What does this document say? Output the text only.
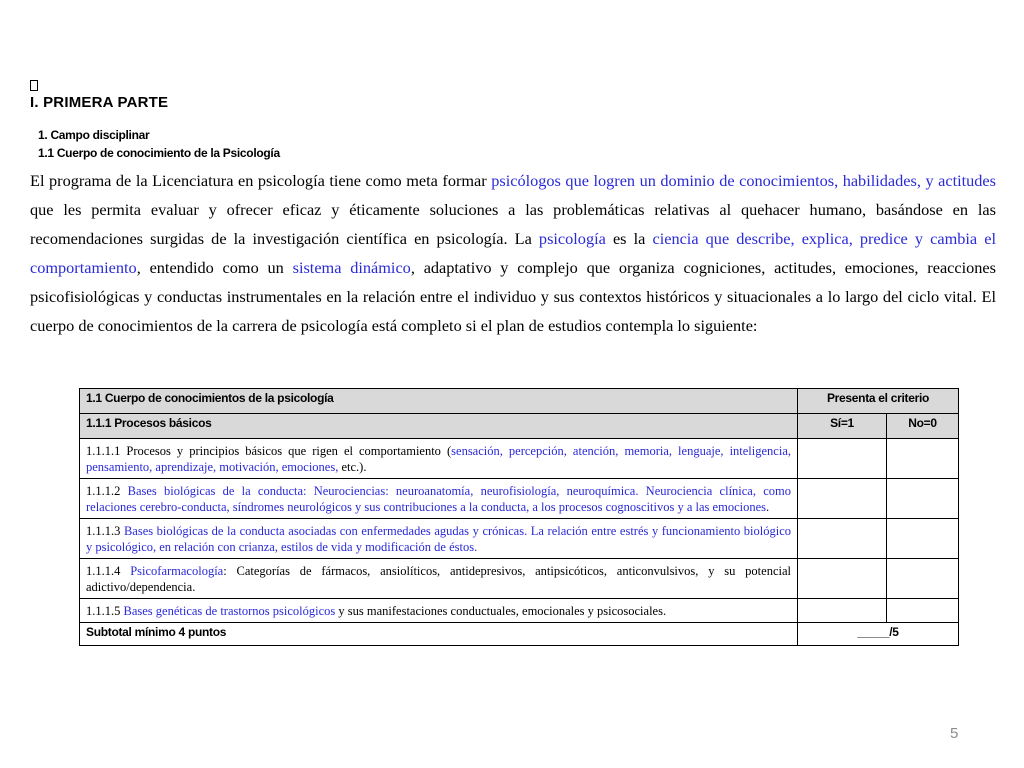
I. PRIMERA PARTE
1. Campo disciplinar
1.1 Cuerpo de conocimiento de la Psicología

El programa de la Licenciatura en psicología tiene como meta formar psicólogos que logren un dominio de conocimientos, habilidades, y actitudes que les permita evaluar y ofrecer eficaz y éticamente soluciones a las problemáticas relativas al quehacer humano, basándose en las recomendaciones surgidas de la investigación científica en psicología. La psicología es la ciencia que describe, explica, predice y cambia el comportamiento, entendido como un sistema dinámico, adaptativo y complejo que organiza cogniciones, actitudes, emociones, reacciones psicofisiológicas y conductas instrumentales en la relación entre el individuo y sus contextos históricos y situacionales a lo largo del ciclo vital. El cuerpo de conocimientos de la carrera de psicología está completo si el plan de estudios contempla lo siguiente:

1.1 Cuerpo de conocimientos de la psicología	Presenta el criterio	
1.1.1 Procesos básicos	Sí=1	No=0
1.1.1.1 Procesos y principios básicos que rigen el comportamiento (sensación, percepción, atención, memoria, lenguaje, inteligencia, pensamiento, aprendizaje, motivación, emociones, etc.).		
1.1.1.2 Bases biológicas de la conducta: Neurociencias: neuroanatomía, neurofisiología, neuroquímica. Neurociencia clínica, como relaciones cerebro-conducta, síndromes neurológicos y sus contribuciones a la conducta, a los procesos cognoscitivos y a las emociones.		
1.1.1.3 Bases biológicas de la conducta asociadas con enfermedades agudas y crónicas. La relación entre estrés y funcionamiento biológico y psicológico, en relación con crianza, estilos de vida y modificación de éstos.		
1.1.1.4 Psicofarmacología: Categorías de fármacos, ansiolíticos, antidepresivos, antipsicóticos, anticonvulsivos, y su potencial adictivo/dependencia.		
1.1.1.5 Bases genéticas de trastornos psicológicos y sus manifestaciones conductuales, emocionales y psicosociales.		
Subtotal mínimo 4 puntos	_____/5	
5
